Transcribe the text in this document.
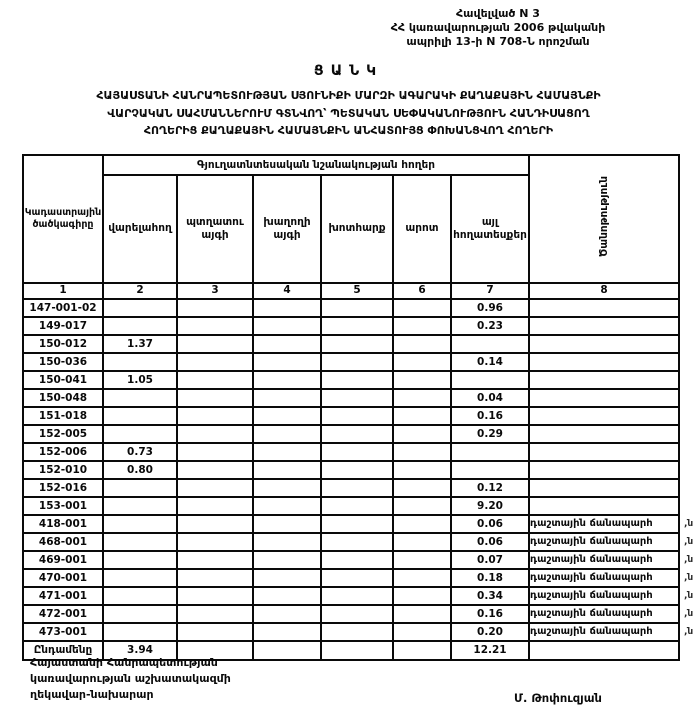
Հավելված N 3
ՀՀ կառավարության 2006 թվականի
ապրիլի 13-ի N 708-Ն որոշման
ՑԱՆԿ
ՀԱՅԱՍՏԱՆԻ ՀԱՆՐԱՊԵՏՈՒԹՅԱՆ ՍՅՈՒՆԻՔԻ ՄԱՐԶԻ ԱԳԱՐԱԿԻ ՔԱՂԱՔԱՅԻՆ ՀԱՄԱՅՆՔԻ
ՎԱՐՉԱԿԱՆ ՍԱՀՄԱՆՆԵՐՈՒՄ ԳՏՆՎՈՂ՝ ՊԵՏԱԿԱՆ ՍԵՓԱԿԱՆՈՒԹՅՈՒՆ ՀԱՆԴԻՍԱՑՈՂ
ՀՈՂԵՐԻՑ ՔԱՂԱՔԱՅԻՆ ՀԱՄԱՅՆՔԻՆ ԱՆՀԱՏՈՒՅՑ ՓՈԽԱՆՑՎՈՂ ՀՈՂԵՐԻ
Կադաստրային ծածկագիրը	Գյուղատնտեսական նշանակության հողեր						Ծանոթություն
	վարելահող	պտղատու այգի	խաղողի այգի	խոտհարք	արոտ	այլ հողատեսքեր	
1	2	3	4	5	6	7	8
147-001-02						0.96	
149-017						0.23	
150-012	1.37						
150-036						0.14	
150-041	1.05						
150-048						0.04	
151-018						0.16	
152-005						0.29	
152-006	0.73						
152-010	0.80						
152-016						0.12	
153-001						9.20	
418-001						0.06	դաշտային ճանապարհ ,ն

468-001						0.06	դաշտային ճանապարհ ,ն

469-001						0.07	դաշտային ճանապարհ ,ն

470-001						0.18	դաշտային ճանապարհ ,ն

471-001						0.34	դաշտային ճանապարհ ,ն

472-001						0.16	դաշտային ճանապարհ ,ն

473-001						0.20	դաշտային ճանապարհ ,ն

Ընդամենը	3.94					12.21	
Հայաստանի Հանրապետության
կառավարության աշխատակազմի
ղեկավար-նախարար	Մ. Թոփուզյան
